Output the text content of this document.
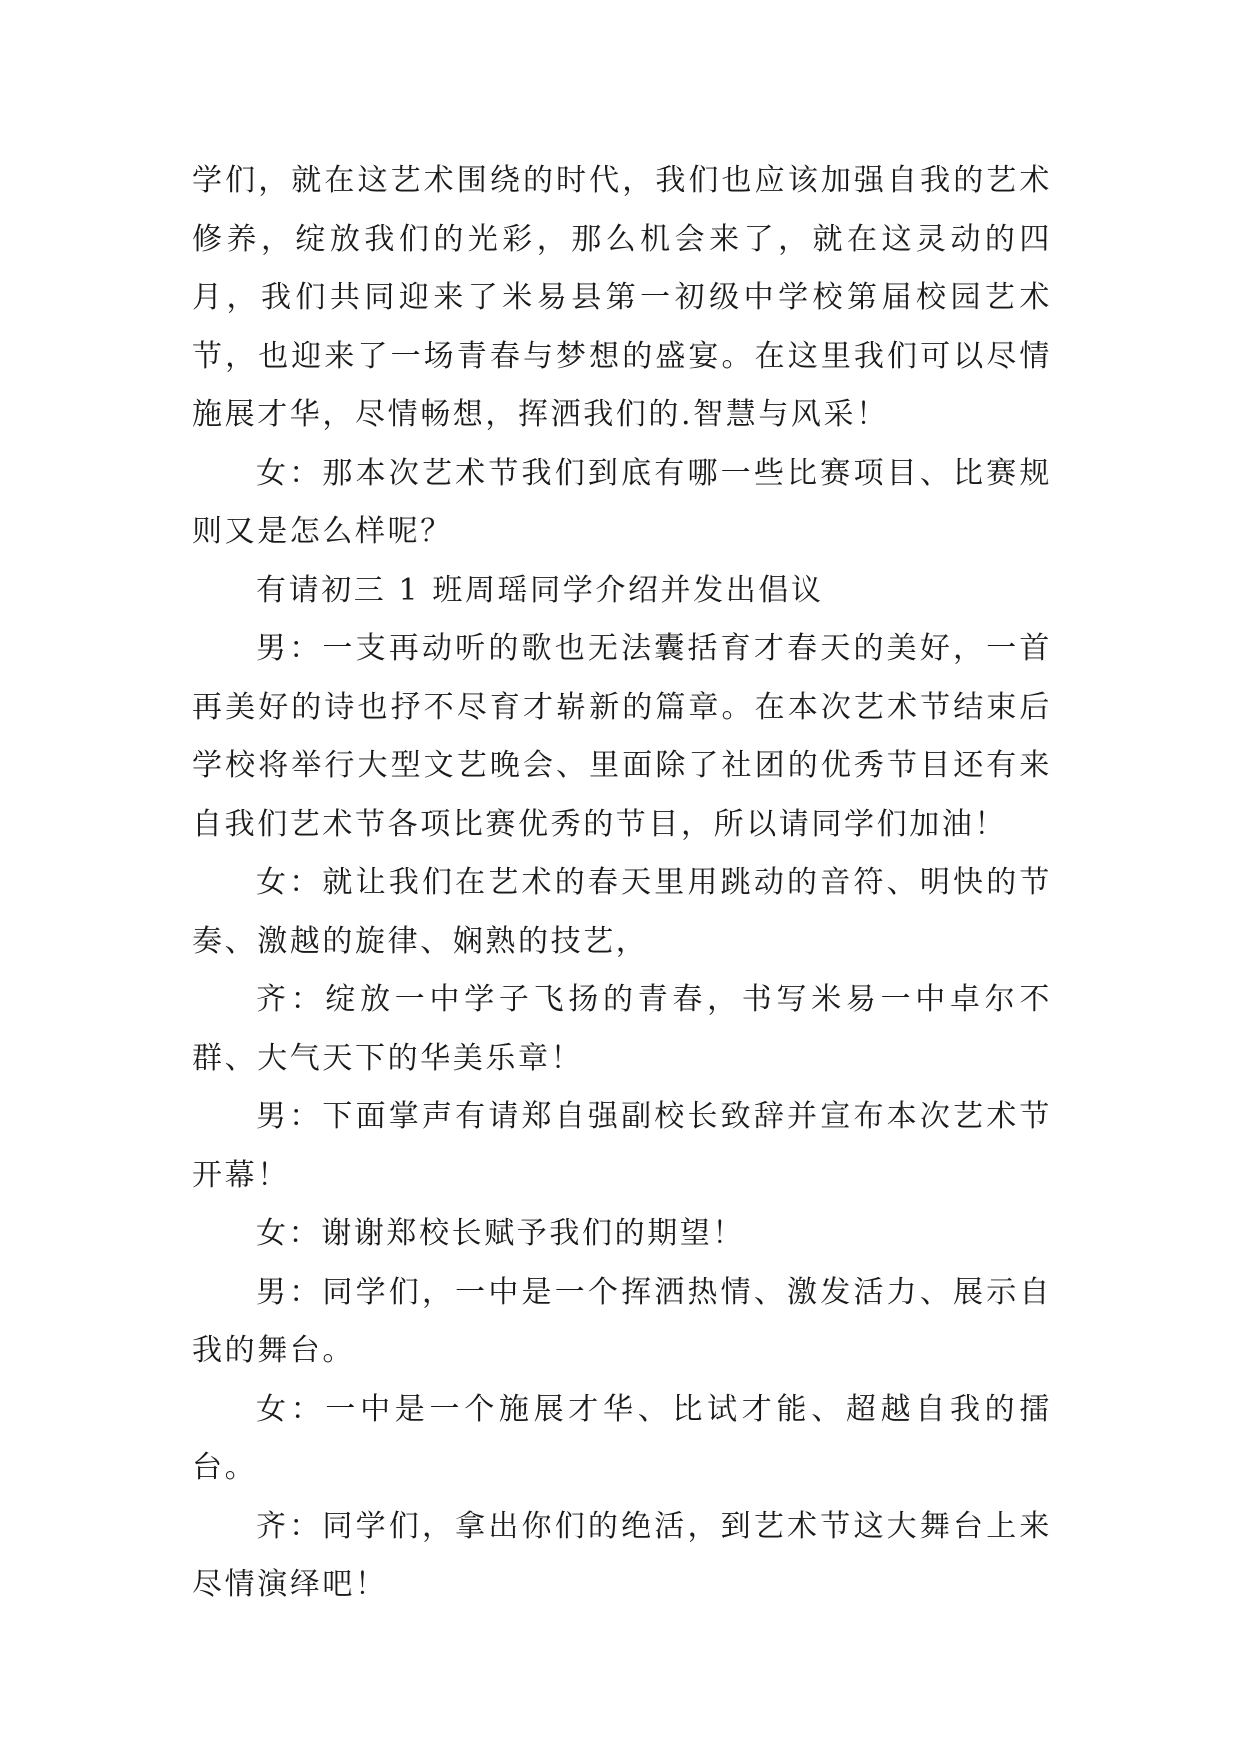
学们，就在这艺术围绕的时代，我们也应该加强自我的艺术修养，绽放我们的光彩，那么机会来了，就在这灵动的四月，我们共同迎来了米易县第一初级中学校第届校园艺术节，也迎来了一场青春与梦想的盛宴。在这里我们可以尽情施展才华，尽情畅想，挥洒我们的.智慧与风采！

女：那本次艺术节我们到底有哪一些比赛项目、比赛规则又是怎么样呢？

有请初三 1 班周瑶同学介绍并发出倡议

男：一支再动听的歌也无法囊括育才春天的美好，一首再美好的诗也抒不尽育才崭新的篇章。在本次艺术节结束后学校将举行大型文艺晚会、里面除了社团的优秀节目还有来自我们艺术节各项比赛优秀的节目，所以请同学们加油！

女：就让我们在艺术的春天里用跳动的音符、明快的节奏、激越的旋律、娴熟的技艺，

齐：绽放一中学子飞扬的青春，书写米易一中卓尔不群、大气天下的华美乐章！

男：下面掌声有请郑自强副校长致辞并宣布本次艺术节开幕！

女：谢谢郑校长赋予我们的期望！

男：同学们，一中是一个挥洒热情、激发活力、展示自我的舞台。

女：一中是一个施展才华、比试才能、超越自我的擂台。

齐：同学们，拿出你们的绝活，到艺术节这大舞台上来尽情演绎吧！
